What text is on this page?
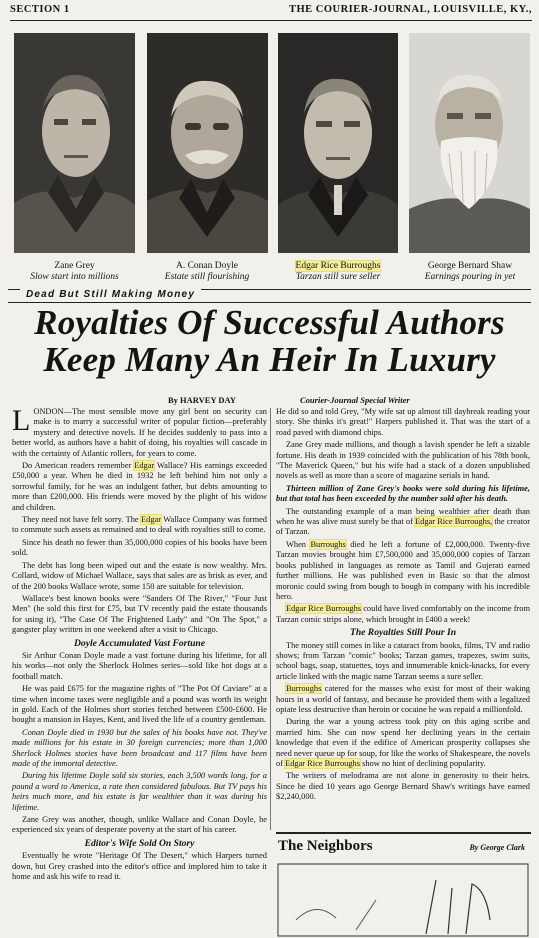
SECTION 1	THE COURIER-JOURNAL, LOUISVILLE, KY.,
Zane Grey
Slow start into millions
A. Conan Doyle
Estate still flourishing
Edgar Rice Burroughs
Tarzan still sure seller
George Bernard Shaw
Earnings pouring in yet
Dead But Still Making Money
Royalties Of Successful Authors
Keep Many An Heir In Luxury
By HARVEY DAY	Courier-Journal Special Writer

LONDON—The most sensible move any girl bent on security can make is to marry a successful writer of popular fiction—preferably mystery and detective novels. If he decides suddenly to pass into a better world, as authors have a habit of doing, his royalties will cascade in with the certainty of Atlantic rollers, for years to come.

Do American readers remember Edgar Wallace? His earnings exceeded £50,000 a year. When he died in 1932 he left behind him not only a sorrowful family, for he was an indulgent father, but debts amounting to more than £200,000. His friends were moved by the plight of his widow and children.

They need not have felt sorry. The Edgar Wallace Company was formed to commute such assets as remained and to deal with royalties still to come.

Since his death no fewer than 35,000,000 copies of his books have been sold.

The debt has long been wiped out and the estate is now wealthy. Mrs. Collard, widow of Michael Wallace, says that sales are as brisk as ever, and of the 200 books Wallace wrote, some 150 are suitable for television.

Wallace's best known books were "Sanders Of The River," "Four Just Men" (he sold this first for £75, but TV recently paid the estate thousands for using it), "The Case Of The Frightened Lady" and "On The Spot," a gangster play written in one weekend after a visit to Chicago.

Doyle Accumulated Vast Fortune

Sir Arthur Conan Doyle made a vast fortune during his lifetime, for all his works—not only the Sherlock Holmes series—sold like hot dogs at a football match.

He was paid £675 for the magazine rights of "The Pot Of Caviare" at a time when income taxes were negligible and a pound was worth its weight in gold. Each of the Holmes short stories fetched between £500-£600. He bought a mansion in Hayes, Kent, and lived the life of a country gentleman.

Conan Doyle died in 1930 but the sales of his books have not. They've made millions for his estate in 30 foreign currencies; more than 1,000 Sherlock Holmes stories have been broadcast and 117 films have been made of the immortal detective.

During his lifetime Doyle sold six stories, each 3,500 words long, for a pound a word to America, a rate then considered fabulous. But TV pays his heirs much more, and his estate is far wealthier than it was during his lifetime.

Zane Grey was another, though, unlike Wallace and Conan Doyle, he experienced six years of desperate poverty at the start of his career.

Editor's Wife Sold On Story

Eventually he wrote "Heritage Of The Desert," which Harpers turned down, but Grey crashed into the editor's office and implored him to take it home and ask his wife to read it.

He did so and told Grey, "My wife sat up almost till daybreak reading your story. She thinks it's great!" Harpers published it. That was the start of a road paved with diamond chips.

Zane Grey made millions, and though a lavish spender he left a sizable fortune. His death in 1939 coincided with the publication of his 78th book, "The Maverick Queen," but his wife had a stack of a dozen unpublished novels as well as more than a score of magazine serials in hand.

Thirteen million of Zane Grey's books were sold during his lifetime, but that total has been exceeded by the number sold after his death.

The outstanding example of a man being wealthier after death than when he was alive must surely be that of Edgar Rice Burroughs, the creator of Tarzan.

When Burroughs died he left a fortune of £2,000,000. Twenty-five Tarzan movies brought him £7,500,000 and 35,000,000 copies of Tarzan books published in languages as remote as Tamil and Gujerati earned further millions. He was published even in Basic so that the almost moronic could swing from bough to bough in company with his incredible hero.

Edgar Rice Burroughs could have lived comfortably on the income from Tarzan comic strips alone, which brought in £400 a week!

The Royalties Still Pour In

The money still comes in like a cataract from books, films, TV and radio shows; from Tarzan "comic" books; Tarzan games, trapezes, swim suits, school bags, soap, statuettes, toys and innumerable knick-knacks, for every article linked with the magic name Tarzan seems a sure seller.

Burroughs catered for the masses who exist for most of their waking hours in a world of fantasy, and because he provided them with a legalized opiate less destructive than heroin or cocaine he was repaid a millionfold.

During the war a young actress took pity on this aging scribe and married him. She can now spend her declining years in the certain knowledge that even if the edifice of American prosperity collapses she need never queue up for soup, for like the works of Shakespeare, the novels of Edgar Rice Burroughs show no hint of declining popularity.

The writers of melodrama are not alone in generosity to their heirs. Since he died 10 years ago George Bernard Shaw's writings have earned $2,240,000.

The Neighbors	By George Clark
